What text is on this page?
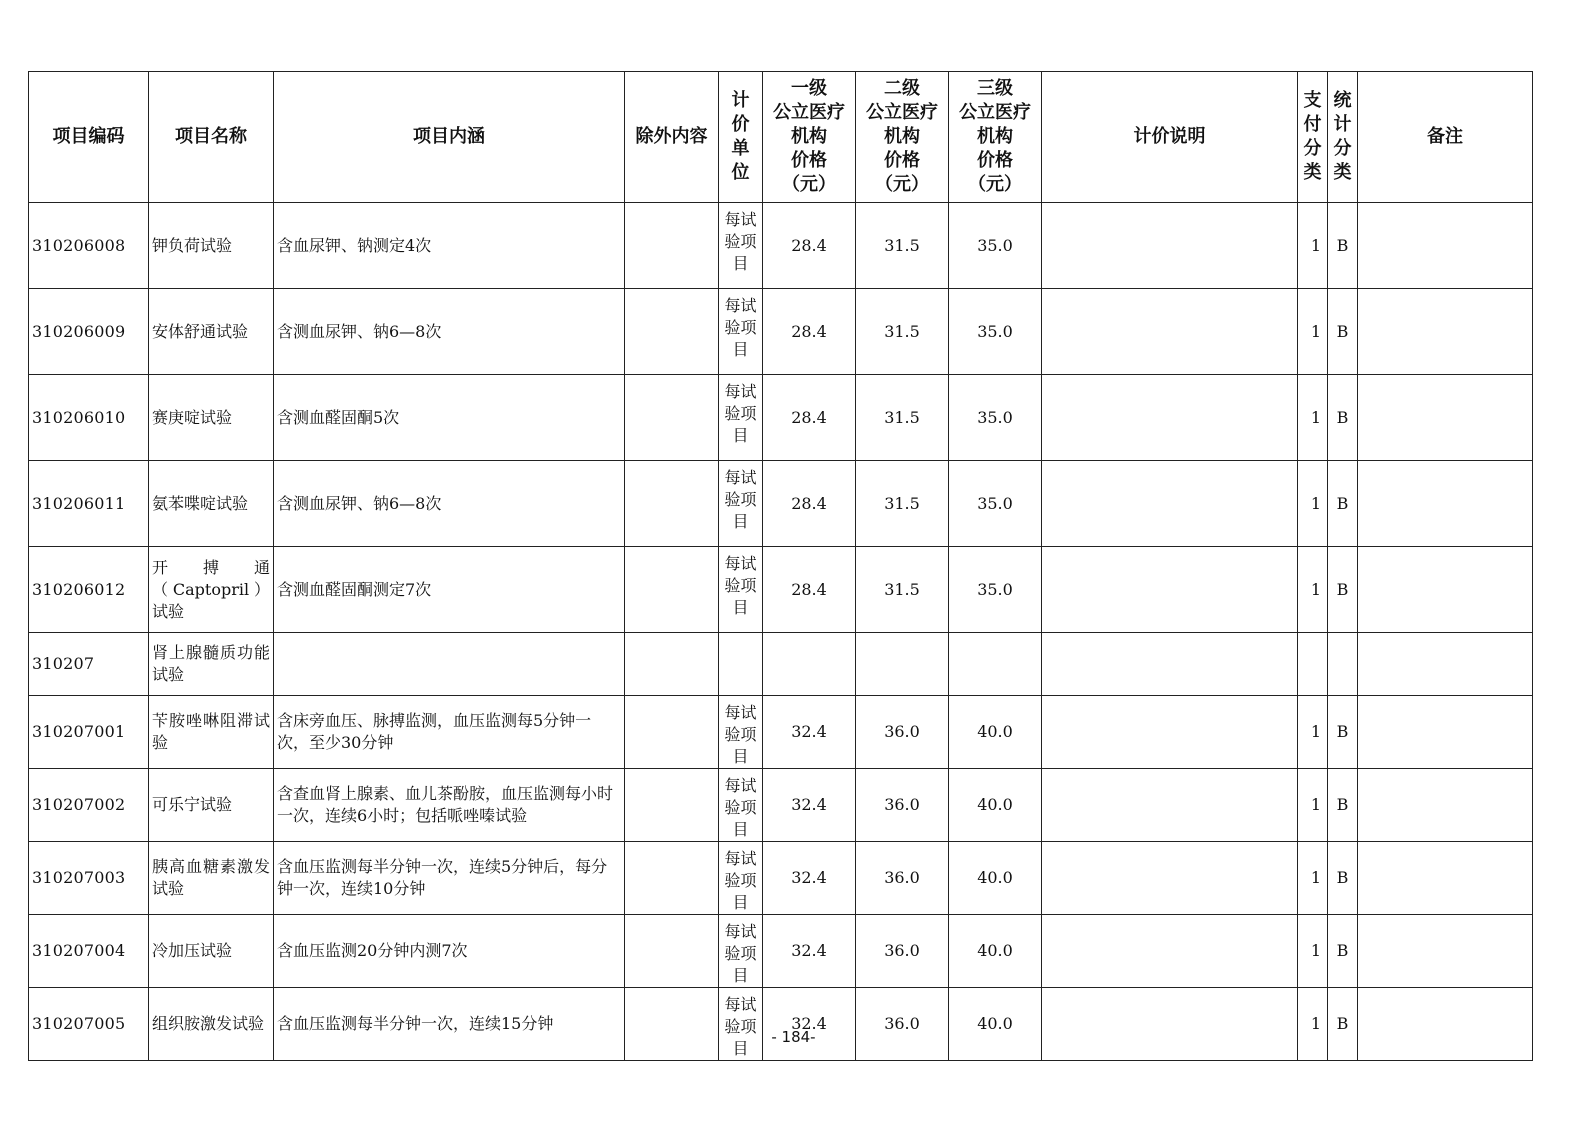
项目编码	项目名称	项目内涵	除外内容	计价单位	一级
公立医疗
机构
价格
（元）	二级
公立医疗
机构
价格
（元）	三级
公立医疗
机构
价格
（元）	计价说明	支付分类	统计分类	备注
310206008	钾负荷试验	含血尿钾、钠测定4次		每试验项目	28.4	31.5	35.0		1	B	
310206009	安体舒通试验	含测血尿钾、钠6—8次		每试验项目	28.4	31.5	35.0		1	B	
310206010	赛庚啶试验	含测血醛固酮5次		每试验项目	28.4	31.5	35.0		1	B	
310206011	氨苯喋啶试验	含测血尿钾、钠6—8次		每试验项目	28.4	31.5	35.0		1	B	
310206012	开搏通（Captopril）试验	含测血醛固酮测定7次		每试验项目	28.4	31.5	35.0		1	B	
310207	肾上腺髓质功能试验			

310207001	苄胺唑啉阻滞试验	含床旁血压、脉搏监测，血压监测每5分钟一次，至少30分钟		每试验项目	32.4	36.0	40.0		1	B	
310207002	可乐宁试验	含查血肾上腺素、血儿茶酚胺，血压监测每小时一次，连续6小时；包括哌唑嗪试验		每试验项目	32.4	36.0	40.0		1	B	
310207003	胰高血糖素激发试验	含血压监测每半分钟一次，连续5分钟后，每分钟一次，连续10分钟		每试验项目	32.4	36.0	40.0		1	B	
310207004	冷加压试验	含血压监测20分钟内测7次		每试验项目	32.4	36.0	40.0		1	B	
310207005	组织胺激发试验	含血压监测每半分钟一次，连续15分钟		每试验项目	32.4	36.0	40.0		1	B	
- 184-
